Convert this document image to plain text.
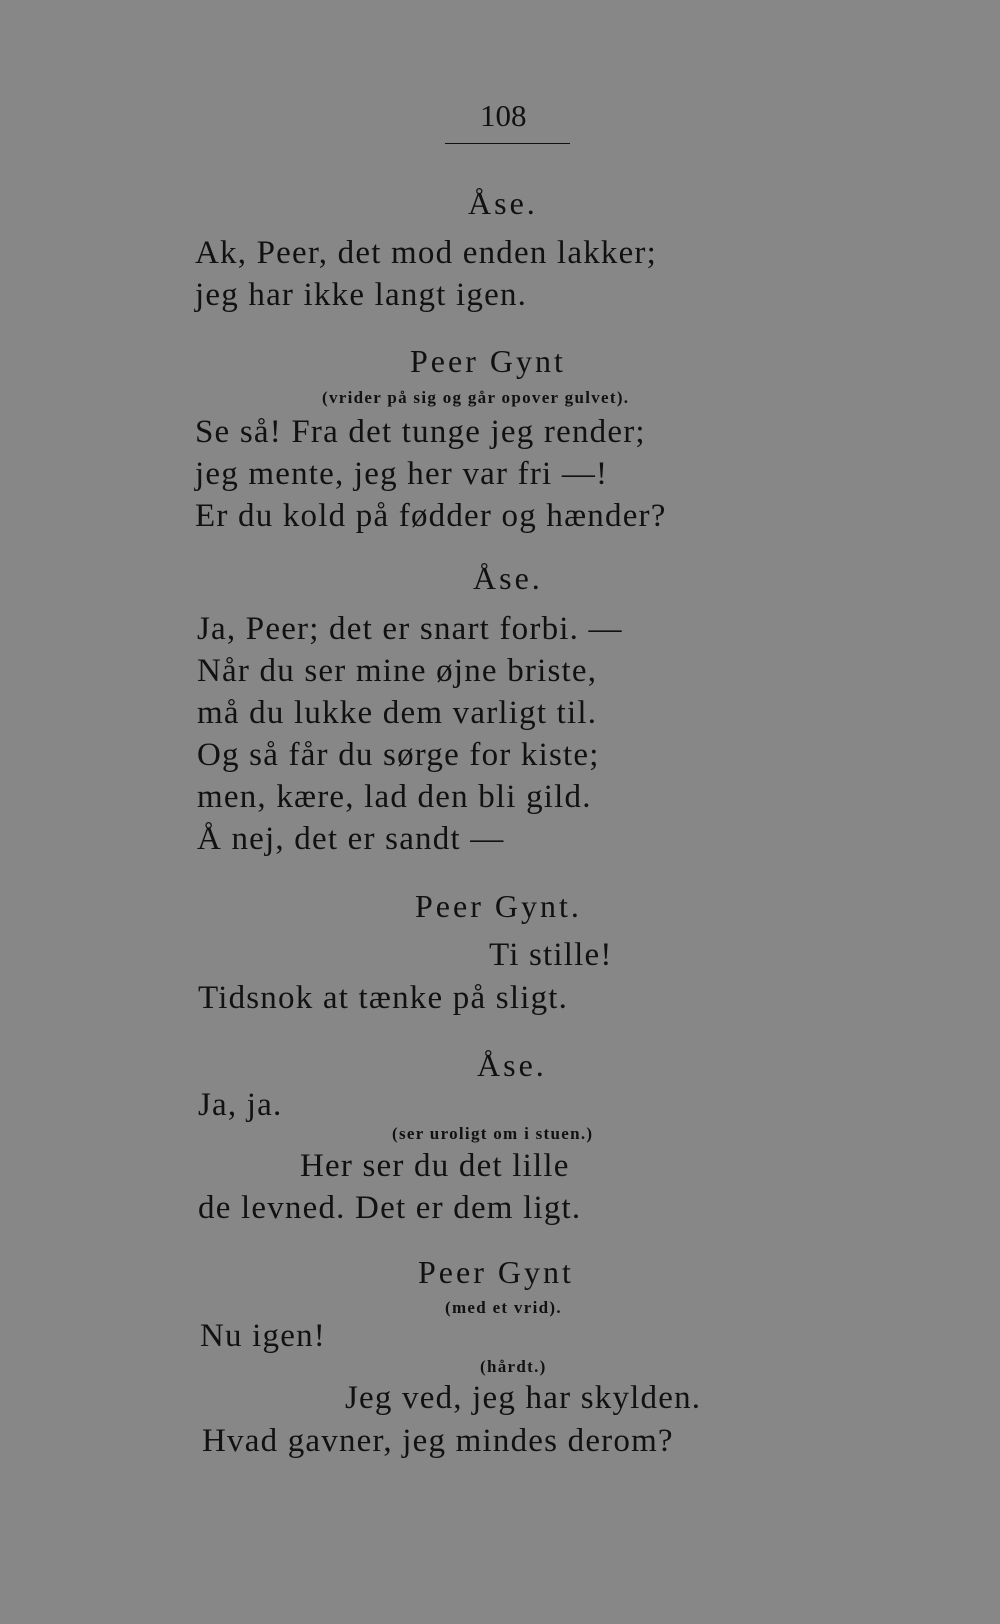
108
Åse.
Ak, Peer, det mod enden lakker;
jeg har ikke langt igen.
Peer Gynt
(vrider på sig og går opover gulvet).
Se så! Fra det tunge jeg render;
jeg mente, jeg her var fri —!
Er du kold på fødder og hænder?
Åse.
Ja, Peer; det er snart forbi. —
Når du ser mine øjne briste,
må du lukke dem varligt til.
Og så får du sørge for kiste;
men, kære, lad den bli gild.
Å nej, det er sandt —
Peer Gynt.
Ti stille!
Tidsnok at tænke på sligt.
Åse.
Ja, ja.
(ser uroligt om i stuen.)
Her ser du det lille
de levned. Det er dem ligt.
Peer Gynt
(med et vrid).
Nu igen!
(hårdt.)
Jeg ved, jeg har skylden.
Hvad gavner, jeg mindes derom?
